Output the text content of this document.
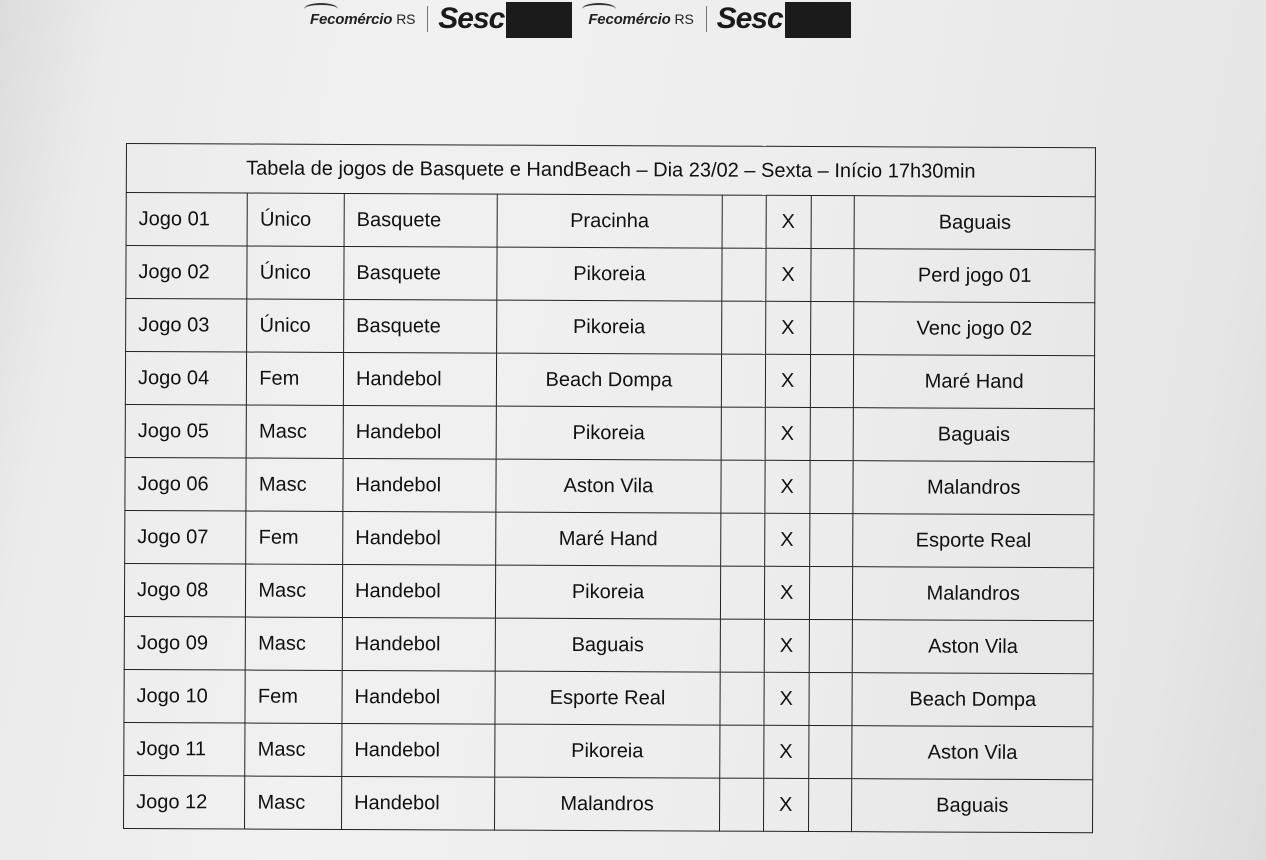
Fecomércio RS Sesc	Fecomércio RS Sesc
Tabela de jogos de Basquete e HandBeach – Dia 23/02 – Sexta – Início 17h30min							
Jogo 01	Único	Basquete	Pracinha		X		Baguais
Jogo 02	Único	Basquete	Pikoreia		X		Perd jogo 01
Jogo 03	Único	Basquete	Pikoreia		X		Venc jogo 02
Jogo 04	Fem	Handebol	Beach Dompa		X		Maré Hand
Jogo 05	Masc	Handebol	Pikoreia		X		Baguais
Jogo 06	Masc	Handebol	Aston Vila		X		Malandros
Jogo 07	Fem	Handebol	Maré Hand		X		Esporte Real
Jogo 08	Masc	Handebol	Pikoreia		X		Malandros
Jogo 09	Masc	Handebol	Baguais		X		Aston Vila
Jogo 10	Fem	Handebol	Esporte Real		X		Beach Dompa
Jogo 11	Masc	Handebol	Pikoreia		X		Aston Vila
Jogo 12	Masc	Handebol	Malandros		X		Baguais
